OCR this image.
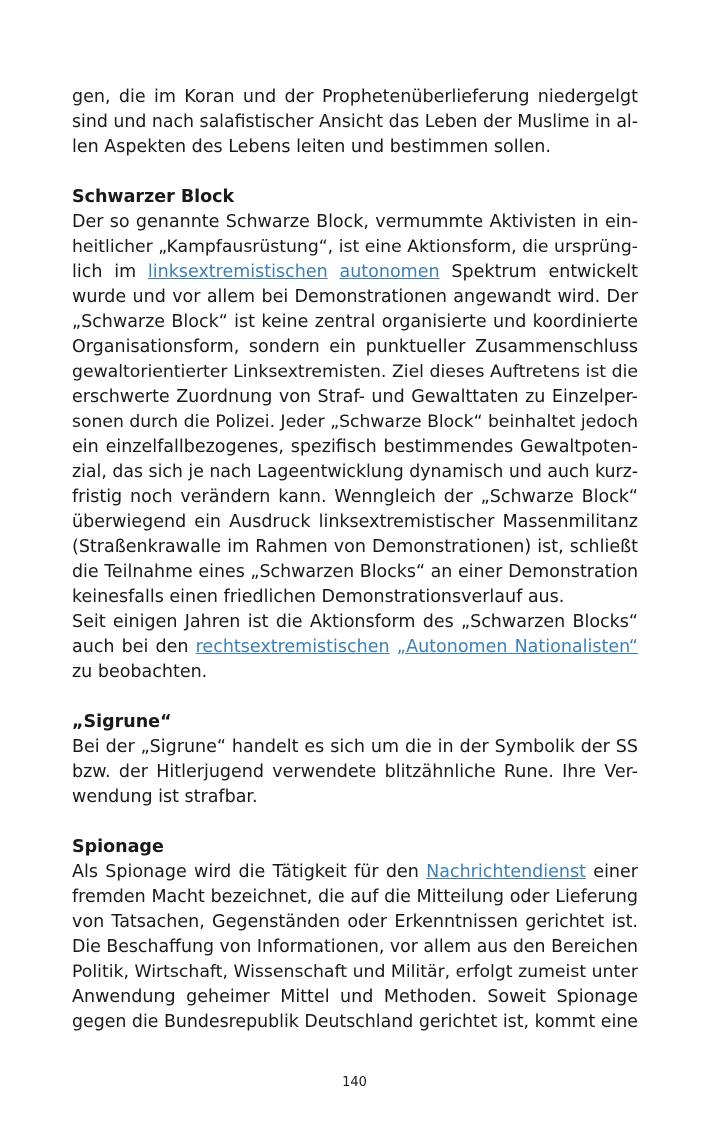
gen, die im Koran und der Prophetenüberlieferung niedergelgt
sind und nach salafistischer Ansicht das Leben der Muslime in al-
len Aspekten des Lebens leiten und bestimmen sollen.

Schwarzer Block

Der so genannte Schwarze Block, vermummte Aktivisten in ein-
heitlicher „Kampfausrüstung“, ist eine Aktionsform, die ursprüng-
lich im linksextremistischen autonomen Spektrum entwickelt
wurde und vor allem bei Demonstrationen angewandt wird. Der
„Schwarze Block“ ist keine zentral organisierte und koordinierte
Organisationsform, sondern ein punktueller Zusammenschluss
gewaltorientierter Linksextremisten. Ziel dieses Auftretens ist die
erschwerte Zuordnung von Straf- und Gewalttaten zu Einzelper-
sonen durch die Polizei. Jeder „Schwarze Block“ beinhaltet jedoch
ein einzelfallbezogenes, spezifisch bestimmendes Gewaltpoten-
zial, das sich je nach Lageentwicklung dynamisch und auch kurz-
fristig noch verändern kann. Wenngleich der „Schwarze Block“
überwiegend ein Ausdruck linksextremistischer Massenmilitanz
(Straßenkrawalle im Rahmen von Demonstrationen) ist, schließt
die Teilnahme eines „Schwarzen Blocks“ an einer Demonstration
keinesfalls einen friedlichen Demonstrationsverlauf aus.
Seit einigen Jahren ist die Aktionsform des „Schwarzen Blocks“
auch bei den rechtsextremistischen „Autonomen Nationalisten“
zu beobachten.

„Sigrune“

Bei der „Sigrune“ handelt es sich um die in der Symbolik der SS
bzw. der Hitlerjugend verwendete blitzähnliche Rune. Ihre Ver-
wendung ist strafbar.

Spionage

Als Spionage wird die Tätigkeit für den Nachrichtendienst einer
fremden Macht bezeichnet, die auf die Mitteilung oder Lieferung
von Tatsachen, Gegenständen oder Erkenntnissen gerichtet ist.
Die Beschaffung von Informationen, vor allem aus den Bereichen
Politik, Wirtschaft, Wissenschaft und Militär, erfolgt zumeist unter
Anwendung geheimer Mittel und Methoden. Soweit Spionage
gegen die Bundesrepublik Deutschland gerichtet ist, kommt eine

140
